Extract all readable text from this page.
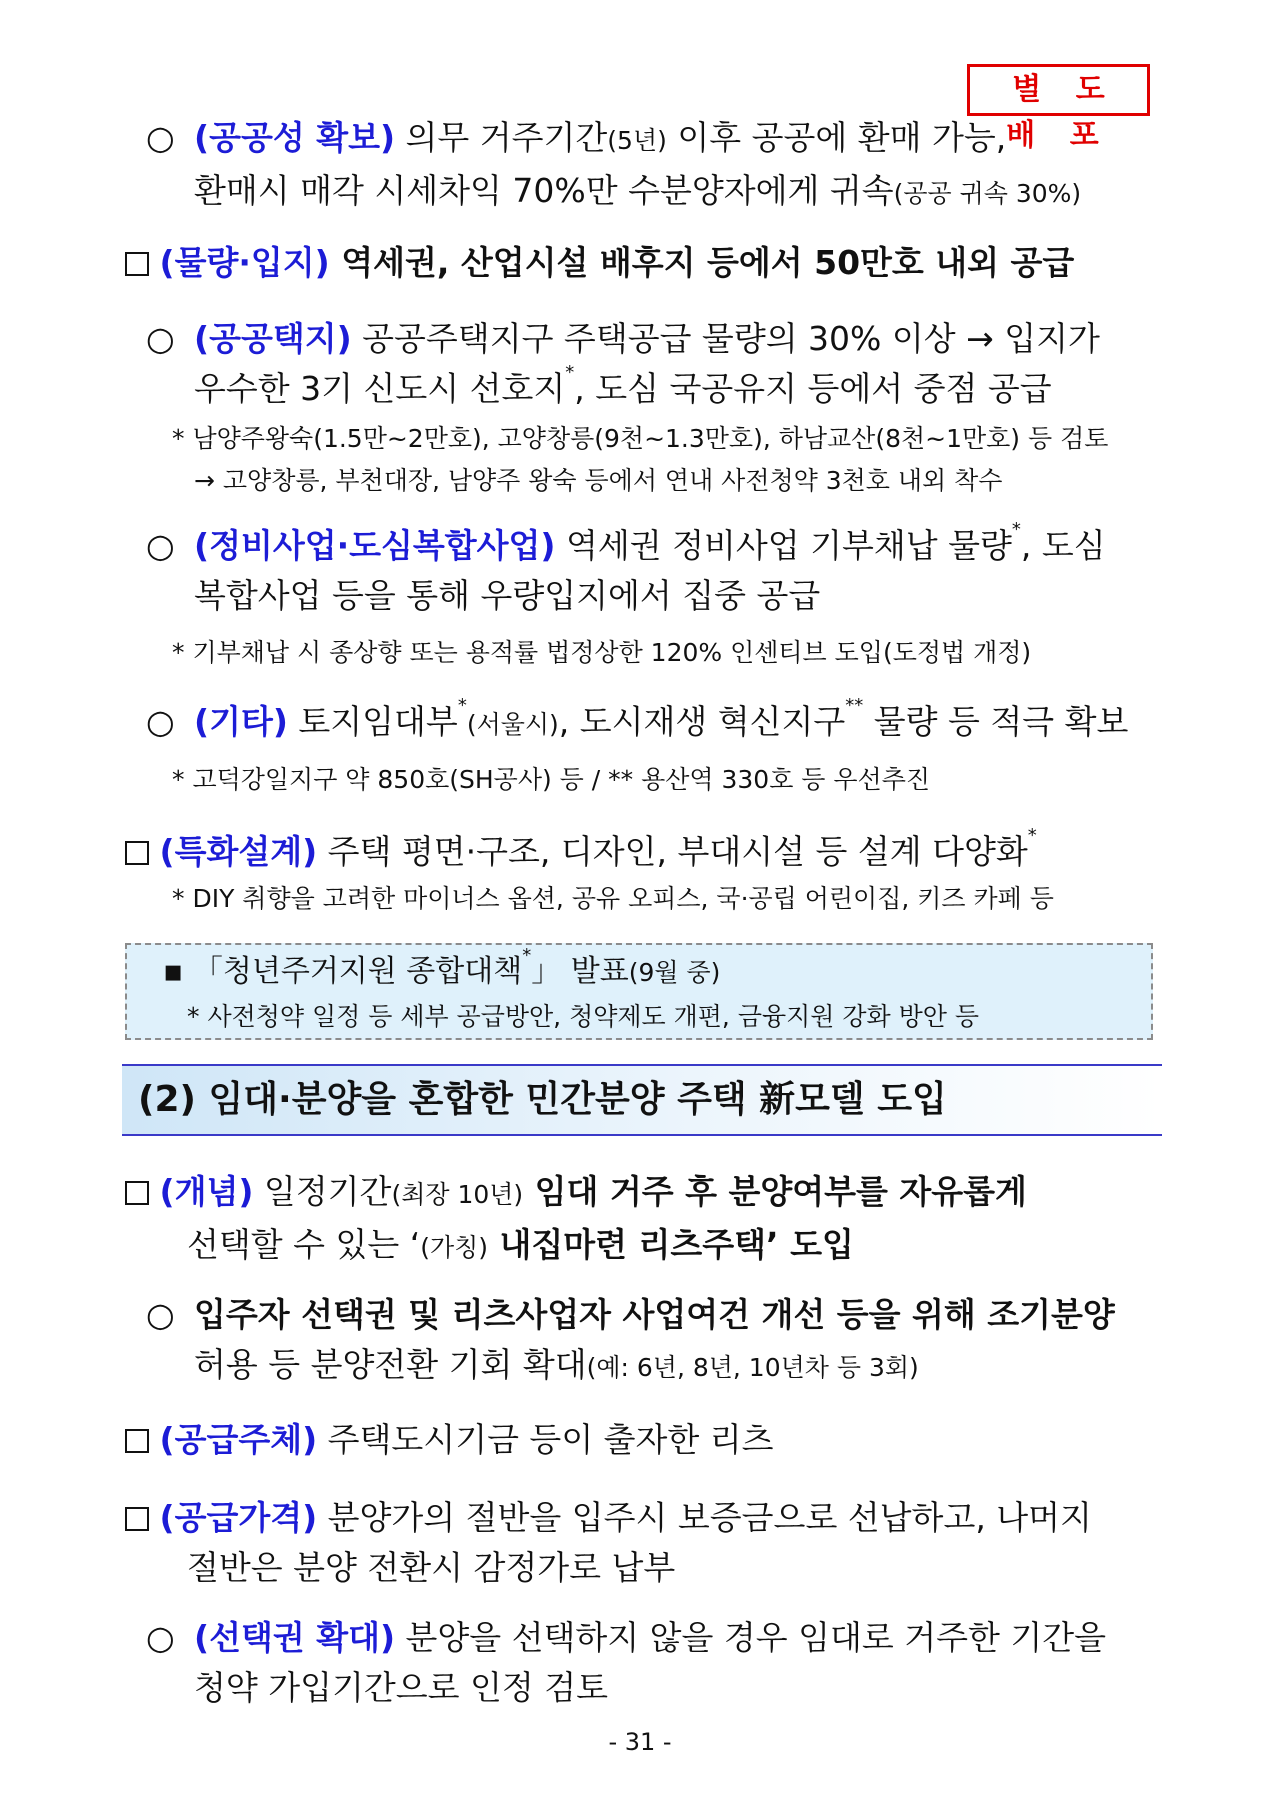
별 도 배 포
○ (공공성 확보) 의무 거주기간(5년) 이후 공공에 환매 가능,
환매시 매각 시세차익 70%만 수분양자에게 귀속(공공 귀속 30%)
(물량·입지) 역세권, 산업시설 배후지 등에서 50만호 내외 공급
○ (공공택지) 공공주택지구 주택공급 물량의 30% 이상 → 입지가
우수한 3기 신도시 선호지*, 도심 국공유지 등에서 중점 공급
* 남양주왕숙(1.5만~2만호), 고양창릉(9천~1.3만호), 하남교산(8천~1만호) 등 검토
→ 고양창릉, 부천대장, 남양주 왕숙 등에서 연내 사전청약 3천호 내외 착수
○ (정비사업·도심복합사업) 역세권 정비사업 기부채납 물량*, 도심
복합사업 등을 통해 우량입지에서 집중 공급
* 기부채납 시 종상향 또는 용적률 법정상한 120% 인센티브 도입(도정법 개정)
○ (기타) 토지임대부*(서울시), 도시재생 혁신지구** 물량 등 적극 확보
* 고덕강일지구 약 850호(SH공사) 등 / ** 용산역 330호 등 우선추진
(특화설계) 주택 평면·구조, 디자인, 부대시설 등 설계 다양화*
* DIY 취향을 고려한 마이너스 옵션, 공유 오피스, 국·공립 어린이집, 키즈 카페 등
▪ 「청년주거지원 종합대책*」 발표(9월 중)
* 사전청약 일정 등 세부 공급방안, 청약제도 개편, 금융지원 강화 방안 등
(2) 임대·분양을 혼합한 민간분양 주택 新모델 도입
(개념) 일정기간(최장 10년) 임대 거주 후 분양여부를 자유롭게
선택할 수 있는 ‘(가칭) 내집마련 리츠주택’ 도입
○ 입주자 선택권 및 리츠사업자 사업여건 개선 등을 위해 조기분양
허용 등 분양전환 기회 확대(예: 6년, 8년, 10년차 등 3회)
(공급주체) 주택도시기금 등이 출자한 리츠
(공급가격) 분양가의 절반을 입주시 보증금으로 선납하고, 나머지
절반은 분양 전환시 감정가로 납부
○ (선택권 확대) 분양을 선택하지 않을 경우 임대로 거주한 기간을
청약 가입기간으로 인정 검토
- 31 -
